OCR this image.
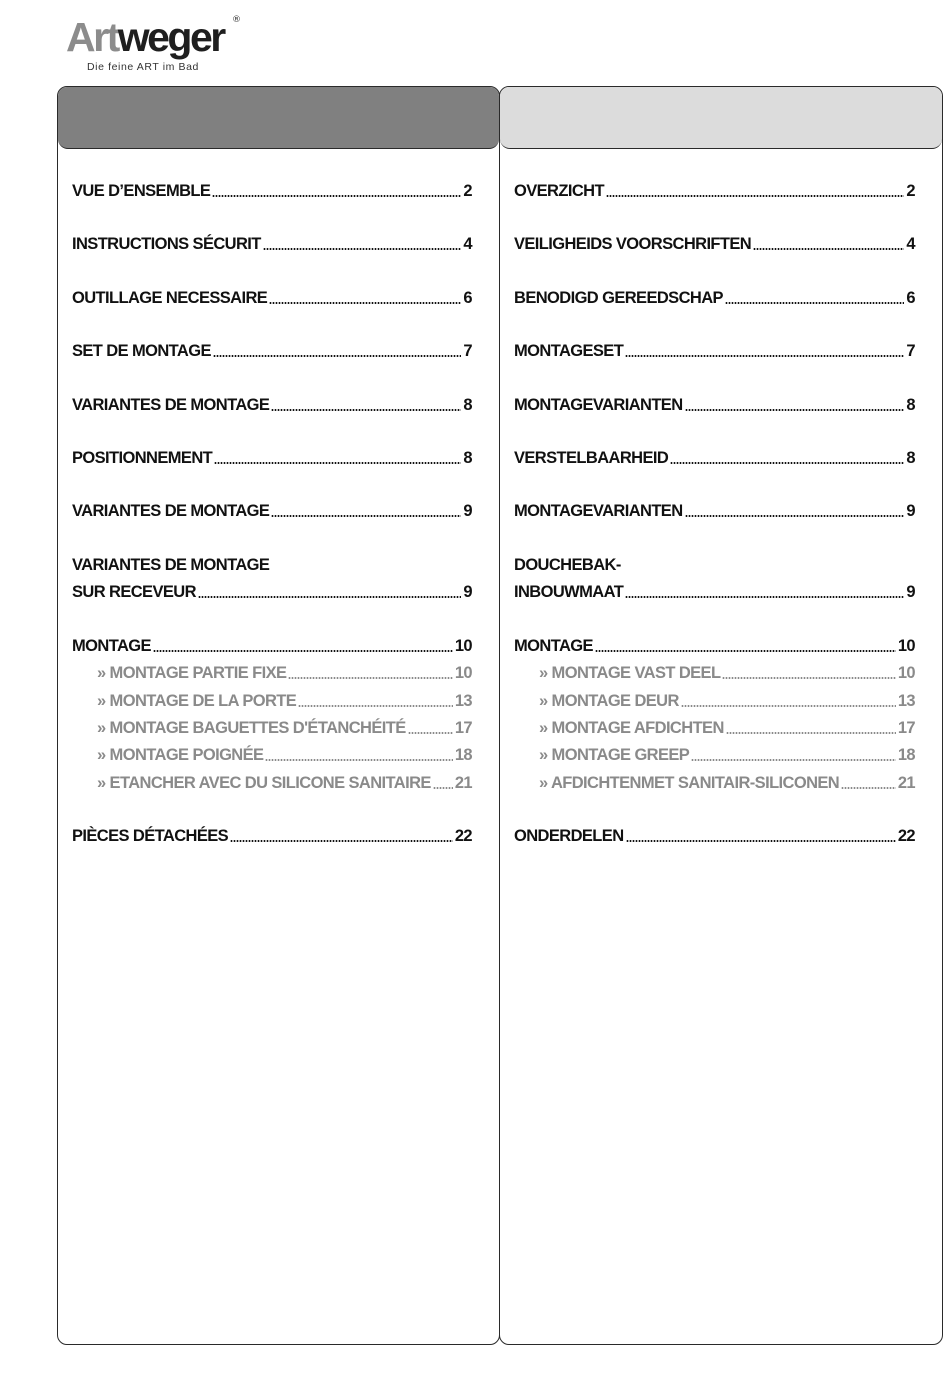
Artweger ®
Die feine ART im Bad
VUE D’ENSEMBLE	2
INSTRUCTIONS SÉCURIT	4
OUTILLAGE NECESSAIRE	6
SET DE MONTAGE	7
VARIANTES DE MONTAGE	8
POSITIONNEMENT	8
VARIANTES DE MONTAGE	9
VARIANTES DE MONTAGE
SUR RECEVEUR	9
MONTAGE	10
» MONTAGE PARTIE FIXE	10
» MONTAGE DE LA PORTE	13
» MONTAGE BAGUETTES D'ÉTANCHÉITÉ	17
» MONTAGE POIGNÉE	18
» ETANCHER AVEC DU SILICONE SANITAIRE 21
PIÈCES DÉTACHÉES	22
OVERZICHT	2
VEILIGHEIDS VOORSCHRIFTEN	4
BENODIGD GEREEDSCHAP	6
MONTAGESET	7
MONTAGEVARIANTEN	8
VERSTELBAARHEID	8
MONTAGEVARIANTEN	9
DOUCHEBAK-
INBOUWMAAT	9
MONTAGE	10
» MONTAGE VAST DEEL	10
» MONTAGE DEUR	13
» MONTAGE AFDICHTEN	17
» MONTAGE GREEP	18
» AFDICHTENMET SANITAIR-SILICONEN	21
ONDERDELEN	22
